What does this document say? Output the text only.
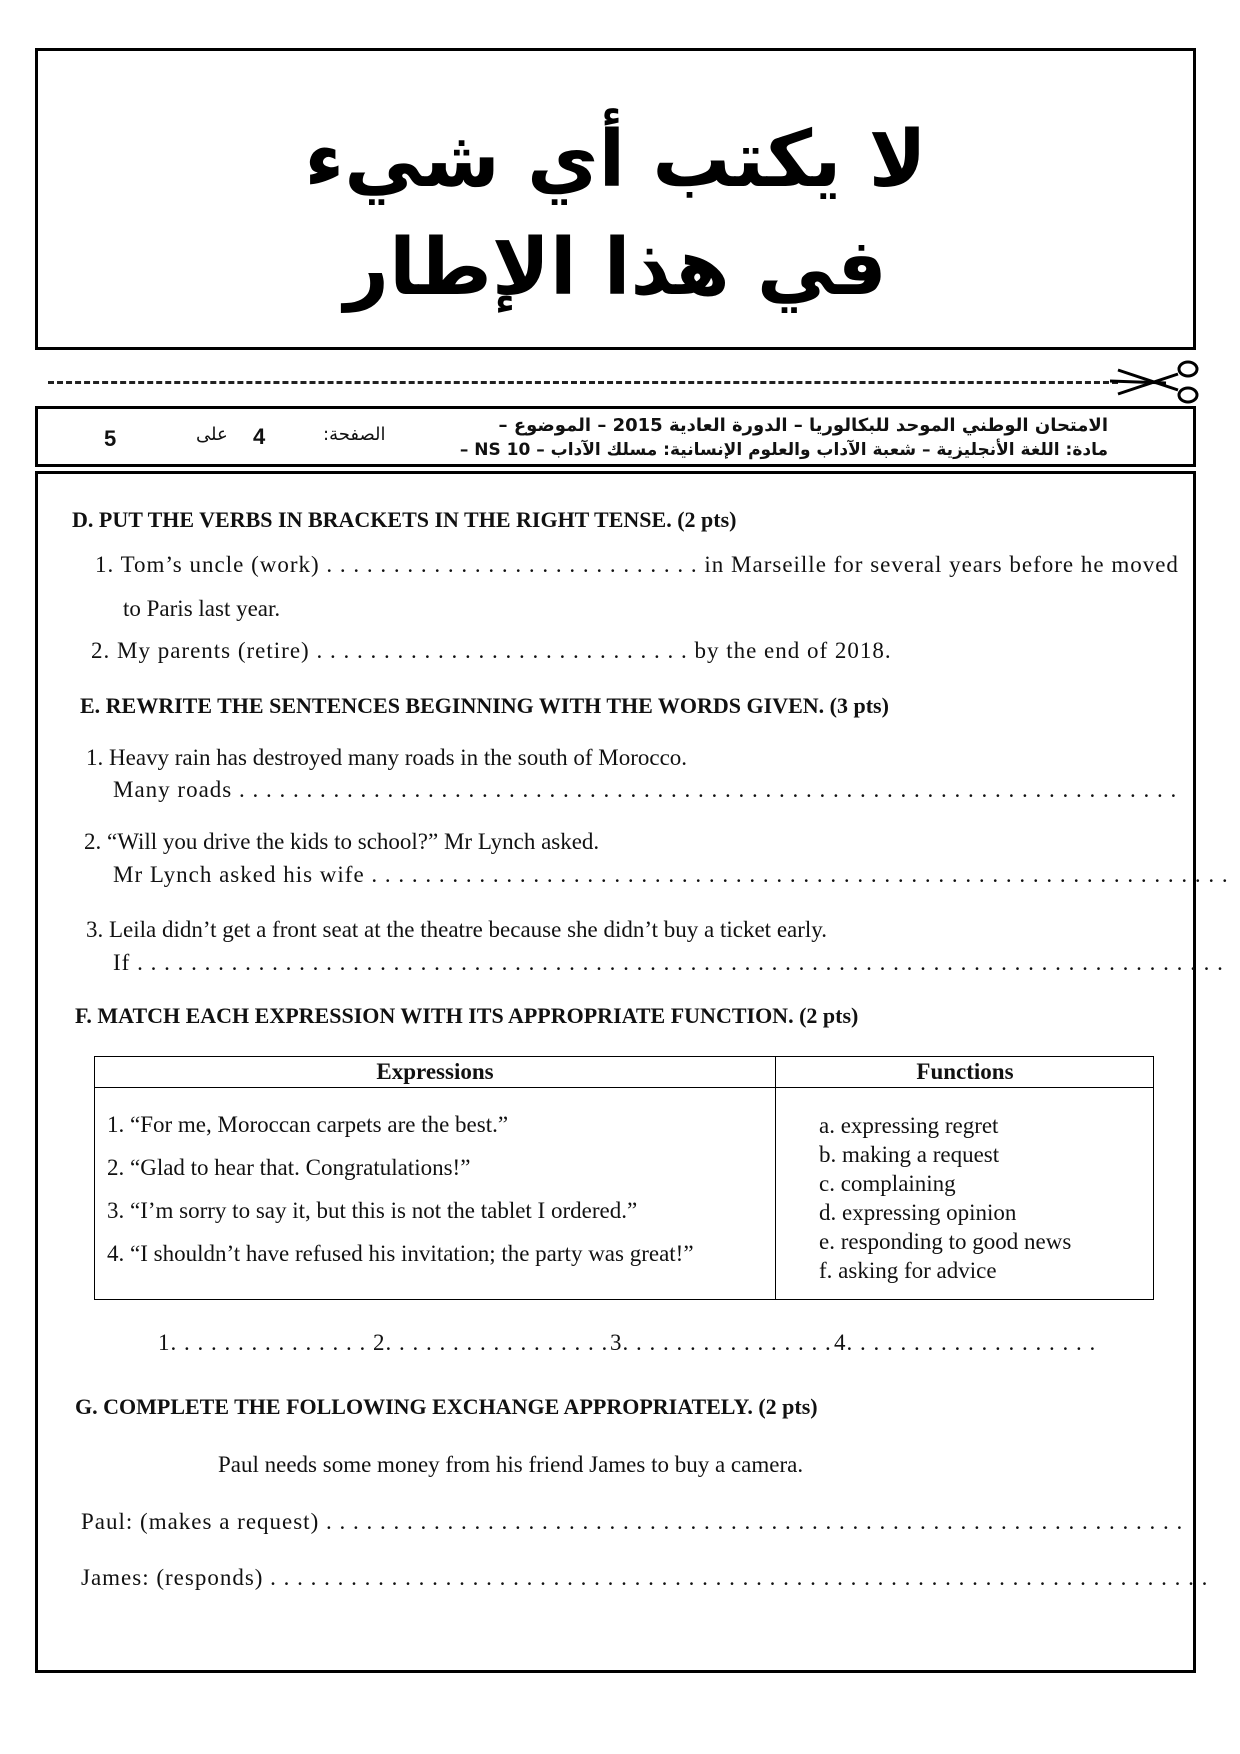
لا يكتب أي شيء
في هذا الإطار
الامتحان الوطني الموحد للبكالوريا – الدورة العادية 2015 – الموضوع –
مادة: اللغة الأنجليزية – شعبة الآداب والعلوم الإنسانية: مسلك الآداب – NS 10 –
الصفحة:
4
على
5
D. PUT THE VERBS IN BRACKETS IN THE RIGHT TENSE. (2 pts)
1. Tom’s uncle (work) . . . . . . . . . . . . . . . . . . . . . . . . . . . . in Marseille for several years before he moved
to Paris last year.
2. My parents (retire) . . . . . . . . . . . . . . . . . . . . . . . . . . . . by the end of 2018.
E. REWRITE THE SENTENCES BEGINNING WITH THE WORDS GIVEN. (3 pts)
1. Heavy rain has destroyed many roads in the south of Morocco.
Many roads . . . . . . . . . . . . . . . . . . . . . . . . . . . . . . . . . . . . . . . . . . . . . . . . . . . . . . . . . . . . . . . . . . . . . .
2. “Will you drive the kids to school?” Mr Lynch asked.
Mr Lynch asked his wife . . . . . . . . . . . . . . . . . . . . . . . . . . . . . . . . . . . . . . . . . . . . . . . . . . . . . . . . . . . . . . . .
3. Leila didn’t get a front seat at the theatre because she didn’t buy a ticket early.
If . . . . . . . . . . . . . . . . . . . . . . . . . . . . . . . . . . . . . . . . . . . . . . . . . . . . . . . . . . . . . . . . . . . . . . . . . . . . . . . . .
F. MATCH EACH EXPRESSION WITH ITS APPROPRIATE FUNCTION. (2 pts)
Expressions	Functions
1. “For me, Moroccan carpets are the best.”
2. “Glad to hear that. Congratulations!”
3. “I’m sorry to say it, but this is not the tablet I ordered.”
4. “I shouldn’t have refused his invitation; the party was great!”
a. expressing regret
b. making a request
c. complaining
d. expressing opinion
e. responding to good news
f. asking for advice
1. . . . . . . . . . . . . . . 2. . . . . . . . . . . . . . . . . 3. . . . . . . . . . . . . . . . 4. . . . . . . . . . . . . . . . . . .
G. COMPLETE THE FOLLOWING EXCHANGE APPROPRIATELY. (2 pts)
Paul needs some money from his friend James to buy a camera.
Paul: (makes a request) . . . . . . . . . . . . . . . . . . . . . . . . . . . . . . . . . . . . . . . . . . . . . . . . . . . . . . . . . . . . . . . .
James: (responds) . . . . . . . . . . . . . . . . . . . . . . . . . . . . . . . . . . . . . . . . . . . . . . . . . . . . . . . . . . . . . . . . . . . . . .
